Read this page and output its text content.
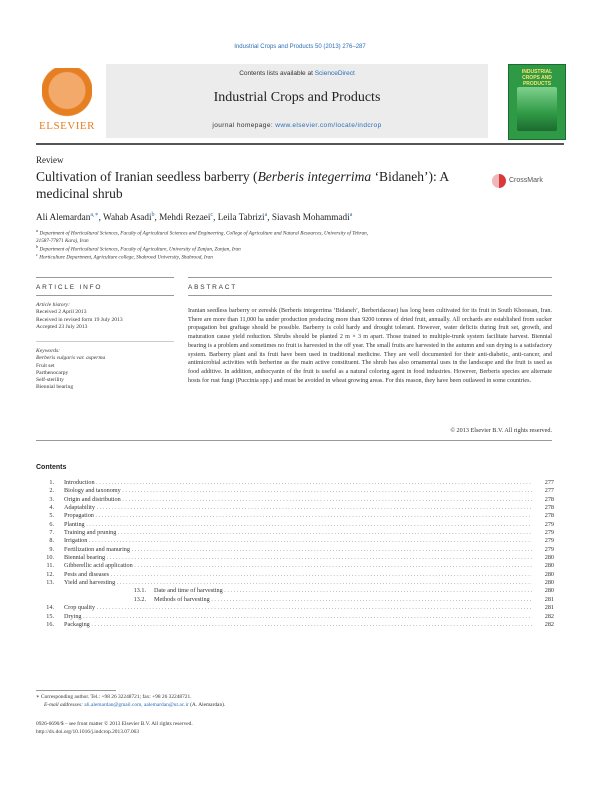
Industrial Crops and Products 50 (2013) 276–287
ELSEVIER
Contents lists available at ScienceDirect
Industrial Crops and Products
journal homepage: www.elsevier.com/locate/indcrop
INDUSTRIAL CROPS AND PRODUCTS
Review
Cultivation of Iranian seedless barberry (Berberis integerrima ‘Bidaneh’): A medicinal shrub
CrossMark
Ali Alemardan$^{a,∗}$, Wahab Asadi$^b$, Mehdi Rezaei$^c$, Leila Tabrizi$^a$, Siavash Mohammadi$^a$
$^a$ Department of Horticultural Sciences, Faculty of Agricultural Sciences and Engineering, College of Agriculture and Natural Resources, University of Tehran,
31587-77871 Karaj, Iran
$^b$ Department of Horticultural Sciences, Faculty of Agriculture, University of Zanjan, Zanjan, Iran
$^c$ Horticulture Department, Agriculture college, Shahrood University, Shahrood, Iran
ARTICLE INFO
Article history:
Received 2 April 2013
Received in revised form 19 July 2013
Accepted 23 July 2013
Keywords:
Berberis vulgaris var. asperma
Fruit set
Parthenocarpy
Self-sterility
Biennial bearing
ABSTRACT
Iranian seedless barberry or zereshk (Berberis integerrima ‘Bidaneh’, Berberidaceae) has long been cultivated for its fruit in South Khorasan, Iran. There are more than 11,000 ha under production producing more than 9200 tonnes of dried fruit, annually. All orchards are established from sucker propagation but graftage should be possible. Barberry is cold hardy and drought tolerant. However, water deficits during fruit set, growth, and maturation cause yield reduction. Shrubs should be planted 2 m × 3 m apart. Those trained to multiple-trunk system facilitate harvest. Biennial bearing is a problem and sometimes no fruit is harvested in the off year. The small fruits are harvested in the autumn and sun drying is a satisfactory system. Barberry plant and its fruit have been used in traditional medicine. They are well documented for their anti-diabetic, anti-cancer, and antimicrobial activities with berberine as the main active constituent. The shrub has also ornamental uses in the landscape and the fruit is used as food additive. In addition, anthocyanin of the fruit is useful as a natural coloring agent in food industries. However, Berberis species are alternate hosts for rust fungi (Puccinia spp.) and must be avoided in wheat growing areas. For this reason, they have been outlawed in some countries.
© 2013 Elsevier B.V. All rights reserved.
Contents
1. Introduction . . .	277
2. Biology and taxonomy . . .	277
3. Origin and distribution . . .	278
4. Adaptability . . .	278
5. Propagation . . .	278
6. Planting . . .	279
7. Training and pruning . . .	279
8. Irrigation . . .	279
9. Fertilization and manuring . . .	279
10. Biennial bearing . . .	280
11. Gibberellic acid application . . .	280
12. Pests and diseases . . .	280
13. Yield and harvesting . . .	280
13.1. Date and time of harvesting . . .	280
13.2. Methods of harvesting . . .	281
14. Crop quality . . .	281
15. Drying . . .	282
16. Packaging . . .	282
∗ Corresponding author. Tel.: +98 26 32248721; fax: +98 26 32248721.
E-mail addresses: ali.alemardan@gmail.com, aalemardan@ut.ac.ir (A. Alemardan).
0926-6690/$ – see front matter © 2013 Elsevier B.V. All rights reserved.
http://dx.doi.org/10.1016/j.indcrop.2013.07.063
